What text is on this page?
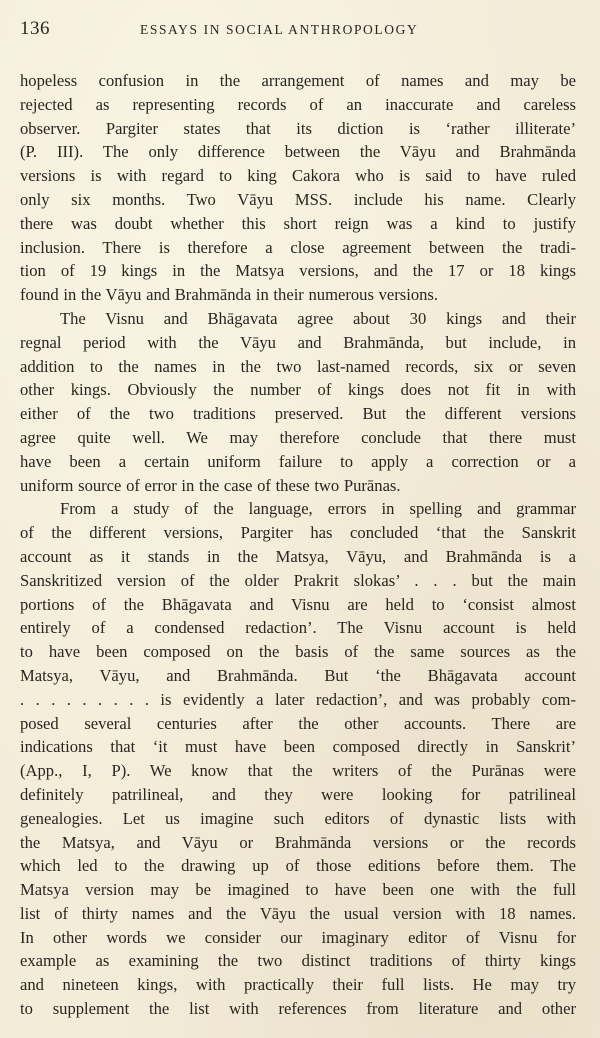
136	ESSAYS IN SOCIAL ANTHROPOLOGY
hopeless confusion in the arrangement of names and may be
rejected as representing records of an inaccurate and careless
observer. Pargiter states that its diction is ‘rather illiterate’
(P. III). The only difference between the Vāyu and Brahmānda
versions is with regard to king Cakora who is said to have ruled
only six months. Two Vāyu MSS. include his name. Clearly
there was doubt whether this short reign was a kind to justify
inclusion. There is therefore a close agreement between the tradi-
tion of 19 kings in the Matsya versions, and the 17 or 18 kings
found in the Vāyu and Brahmānda in their numerous versions.
The Visnu and Bhāgavata agree about 30 kings and their
regnal period with the Vāyu and Brahmānda, but include, in
addition to the names in the two last-named records, six or seven
other kings. Obviously the number of kings does not fit in with
either of the two traditions preserved. But the different versions
agree quite well. We may therefore conclude that there must
have been a certain uniform failure to apply a correction or a
uniform source of error in the case of these two Purānas.
From a study of the language, errors in spelling and grammar
of the different versions, Pargiter has concluded ‘that the Sanskrit
account as it stands in the Matsya, Vāyu, and Brahmānda is a
Sanskritized version of the older Prakrit slokas’ . . . but the main
portions of the Bhāgavata and Visnu are held to ‘consist almost
entirely of a condensed redaction’. The Visnu account is held
to have been composed on the basis of the same sources as the
Matsya, Vāyu, and Brahmānda. But ‘the Bhāgavata account
. . . . . . . . . is evidently a later redaction’, and was probably com-
posed several centuries after the other accounts. There are
indications that ‘it must have been composed directly in Sanskrit’
(App., I, P). We know that the writers of the Purānas were
definitely patrilineal, and they were looking for patrilineal
genealogies. Let us imagine such editors of dynastic lists with
the Matsya, and Vāyu or Brahmānda versions or the records
which led to the drawing up of those editions before them. The
Matsya version may be imagined to have been one with the full
list of thirty names and the Vāyu the usual version with 18 names.
In other words we consider our imaginary editor of Visnu for
example as examining the two distinct traditions of thirty kings
and nineteen kings, with practically their full lists. He may try
to supplement the list with references from literature and other
